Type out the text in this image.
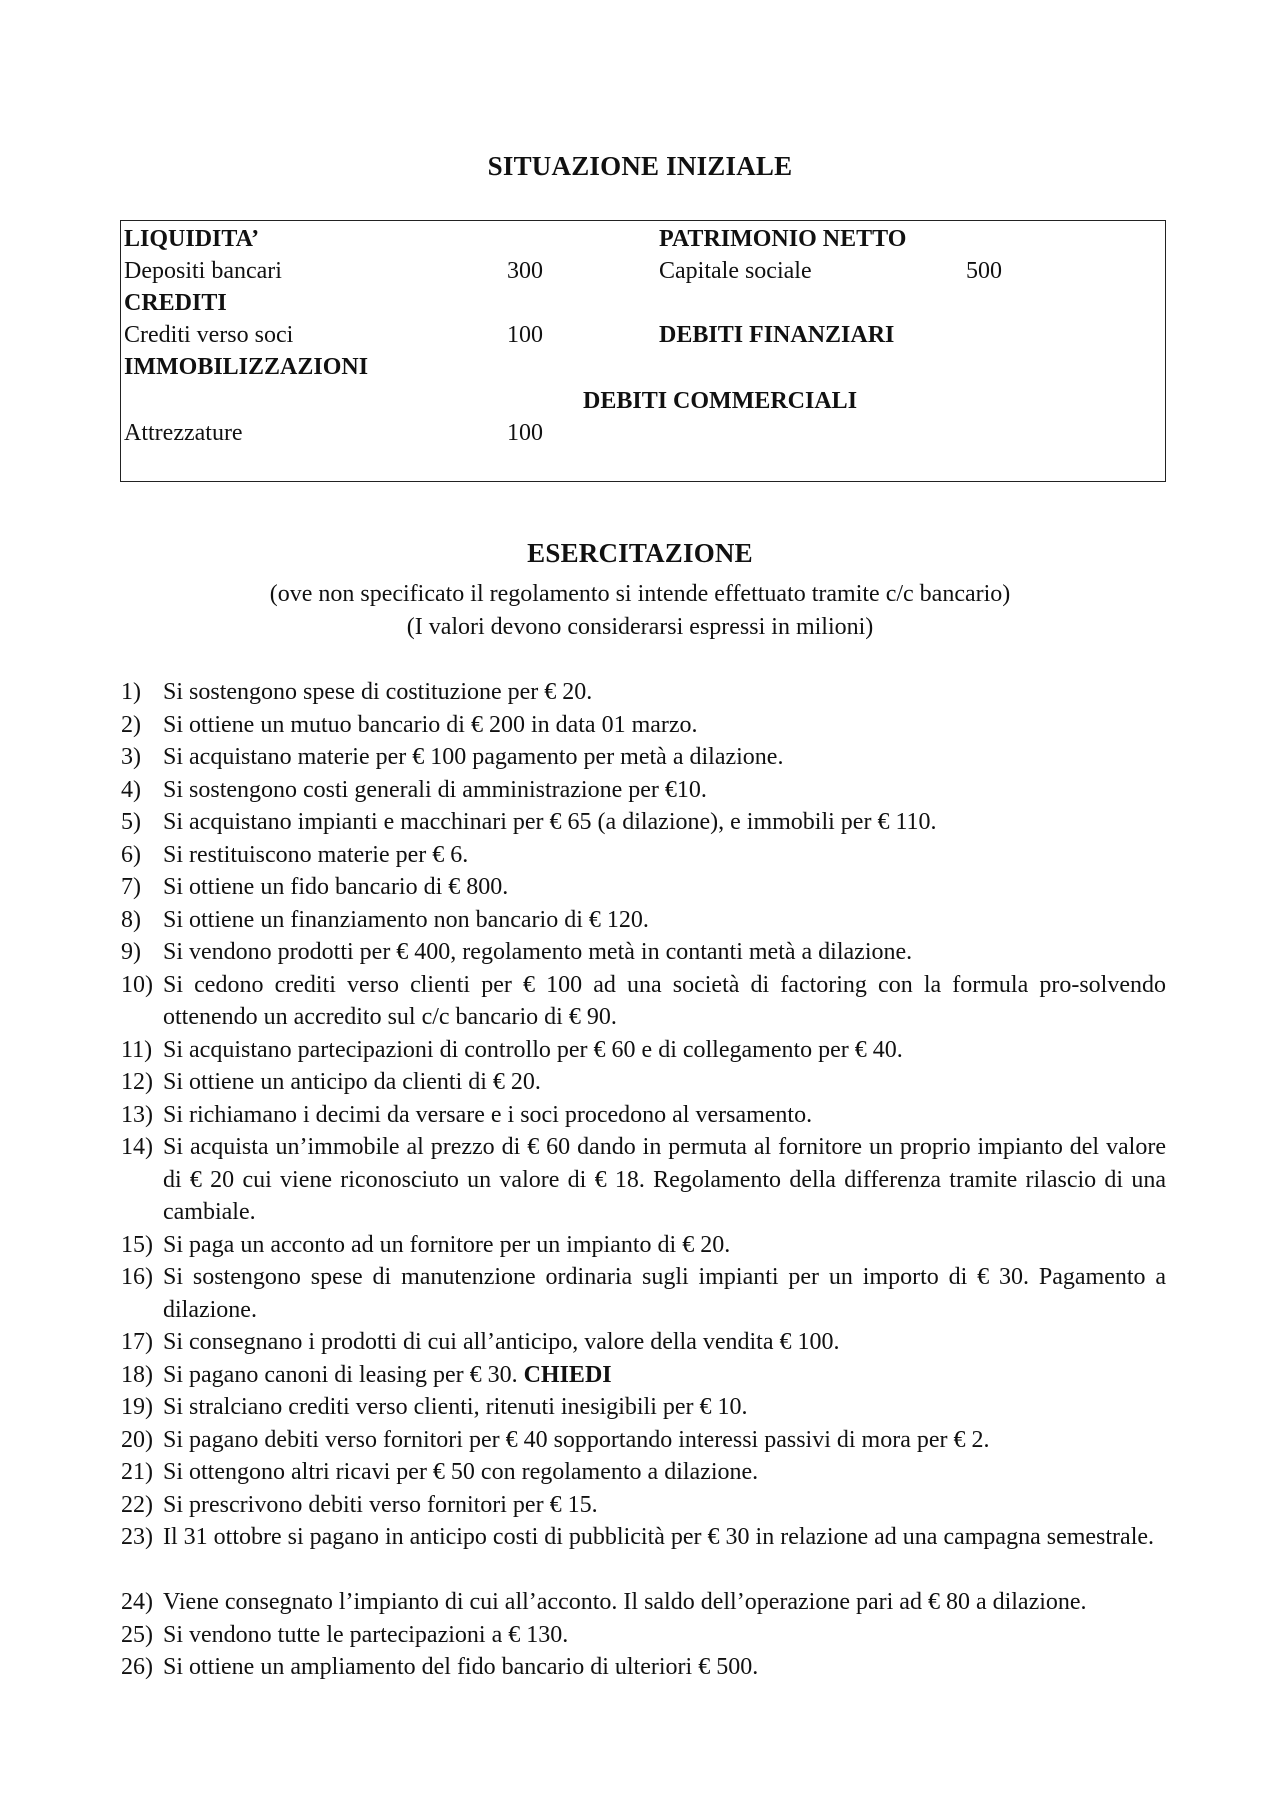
SITUAZIONE INIZIALE
LIQUIDITA’
Depositi bancari	300
CREDITI
Crediti verso soci	100
IMMOBILIZZAZIONI
Attrezzature	100
PATRIMONIO NETTO
Capitale sociale	500
DEBITI FINANZIARI
DEBITI COMMERCIALI
ESERCITAZIONE
(ove non specificato il regolamento si intende effettuato tramite c/c bancario)
(I valori devono considerarsi espressi in milioni)
1) Si sostengono spese di costituzione per € 20.
2) Si ottiene un mutuo bancario di € 200 in data 01 marzo.
3) Si acquistano materie per € 100 pagamento per metà a dilazione.
4) Si sostengono costi generali di amministrazione per €10.
5) Si acquistano impianti e macchinari per € 65 (a dilazione), e immobili per € 110.
6) Si restituiscono materie per € 6.
7) Si ottiene un fido bancario di € 800.
8) Si ottiene un finanziamento non bancario di € 120.
9) Si vendono prodotti per € 400, regolamento metà in contanti metà a dilazione.
10) Si cedono crediti verso clienti per € 100 ad una società di factoring con la formula pro-solvendo ottenendo un accredito sul c/c bancario di € 90.
11) Si acquistano partecipazioni di controllo per € 60 e di collegamento per € 40.
12) Si ottiene un anticipo da clienti di € 20.
13) Si richiamano i decimi da versare e i soci procedono al versamento.
14) Si acquista un’immobile al prezzo di € 60 dando in permuta al fornitore un proprio impianto del valore di € 20 cui viene riconosciuto un valore di € 18. Regolamento della differenza tramite rilascio di una cambiale.
15) Si paga un acconto ad un fornitore per un impianto di € 20.
16) Si sostengono spese di manutenzione ordinaria sugli impianti per un importo di € 30. Pagamento a dilazione.
17) Si consegnano i prodotti di cui all’anticipo, valore della vendita € 100.
18) Si pagano canoni di leasing per € 30. CHIEDI
19) Si stralciano crediti verso clienti, ritenuti inesigibili per € 10.
20) Si pagano debiti verso fornitori per € 40 sopportando interessi passivi di mora per € 2.
21) Si ottengono altri ricavi per € 50 con regolamento a dilazione.
22) Si prescrivono debiti verso fornitori per € 15.
23) Il 31 ottobre si pagano in anticipo costi di pubblicità per € 30 in relazione ad una campagna semestrale.
24) Viene consegnato l’impianto di cui all’acconto. Il saldo dell’operazione pari ad € 80 a dilazione.
25) Si vendono tutte le partecipazioni a € 130.
26) Si ottiene un ampliamento del fido bancario di ulteriori € 500.
